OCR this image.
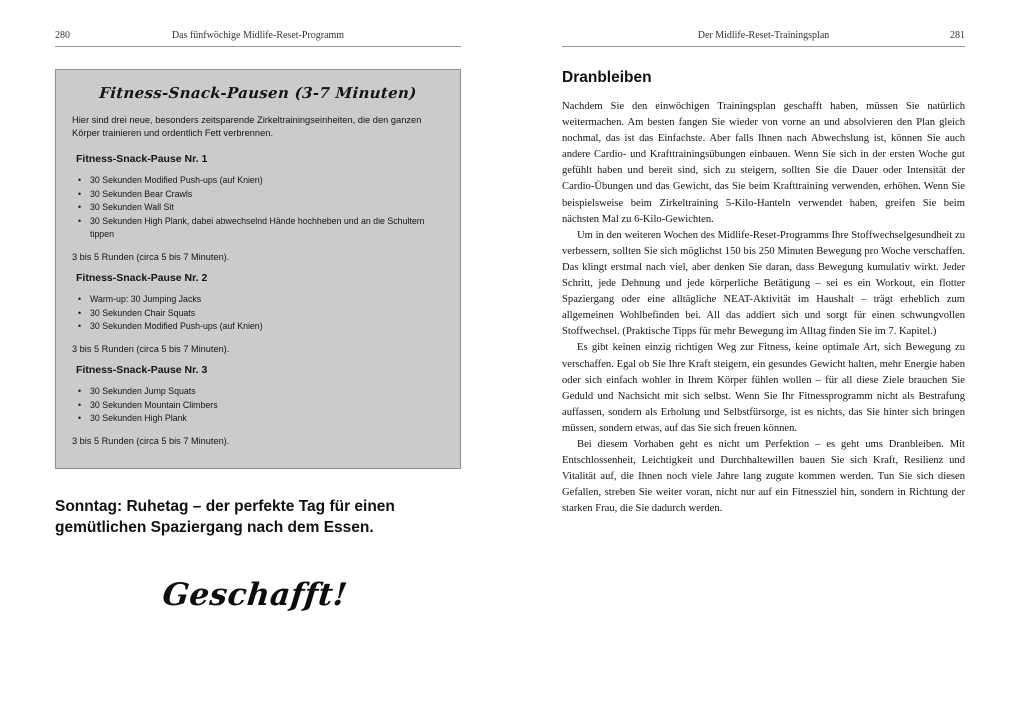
280	Das fünfwöchige Midlife-Reset-Programm
Fitness-Snack-Pausen (3-7 Minuten)
Hier sind drei neue, besonders zeitsparende Zirkeltrainingseinheiten, die den ganzen Körper trainieren und ordentlich Fett verbrennen.
Fitness-Snack-Pause Nr. 1
• 30 Sekunden Modified Push-ups (auf Knien)
• 30 Sekunden Bear Crawls
• 30 Sekunden Wall Sit
• 30 Sekunden High Plank, dabei abwechselnd Hände hochheben und an die Schultern tippen
3 bis 5 Runden (circa 5 bis 7 Minuten).
Fitness-Snack-Pause Nr. 2
• Warm-up: 30 Jumping Jacks
• 30 Sekunden Chair Squats
• 30 Sekunden Modified Push-ups (auf Knien)
3 bis 5 Runden (circa 5 bis 7 Minuten).
Fitness-Snack-Pause Nr. 3
• 30 Sekunden Jump Squats
• 30 Sekunden Mountain Climbers
• 30 Sekunden High Plank
3 bis 5 Runden (circa 5 bis 7 Minuten).
Sonntag: Ruhetag – der perfekte Tag für einen gemütlichen Spaziergang nach dem Essen.
Geschafft!
Der Midlife-Reset-Trainingsplan	281
Dranbleiben

Nachdem Sie den einwöchigen Trainingsplan geschafft haben, müssen Sie natürlich weitermachen. Am besten fangen Sie wieder von vorne an und absolvieren den Plan gleich nochmal, das ist das Einfachste. Aber falls Ihnen nach Abwechslung ist, können Sie auch andere Cardio- und Krafttrainingsübungen einbauen. Wenn Sie sich in der ersten Woche gut gefühlt haben und bereit sind, sich zu steigern, sollten Sie die Dauer oder Intensität der Cardio-Übungen und das Gewicht, das Sie beim Krafttraining verwenden, erhöhen. Wenn Sie beispielsweise beim Zirkeltraining 5-Kilo-Hanteln verwendet haben, greifen Sie beim nächsten Mal zu 6-Kilo-Gewichten.

Um in den weiteren Wochen des Midlife-Reset-Programms Ihre Stoffwechselgesundheit zu verbessern, sollten Sie sich möglichst 150 bis 250 Minuten Bewegung pro Woche verschaffen. Das klingt erstmal nach viel, aber denken Sie daran, dass Bewegung kumulativ wirkt. Jeder Schritt, jede Dehnung und jede körperliche Betätigung – sei es ein Workout, ein flotter Spaziergang oder eine alltägliche NEAT-Aktivität im Haushalt – trägt erheblich zum allgemeinen Wohlbefinden bei. All das addiert sich und sorgt für einen schwungvollen Stoffwechsel. (Praktische Tipps für mehr Bewegung im Alltag finden Sie im 7. Kapitel.)

Es gibt keinen einzig richtigen Weg zur Fitness, keine optimale Art, sich Bewegung zu verschaffen. Egal ob Sie Ihre Kraft steigern, ein gesundes Gewicht halten, mehr Energie haben oder sich einfach wohler in Ihrem Körper fühlen wollen – für all diese Ziele brauchen Sie Geduld und Nachsicht mit sich selbst. Wenn Sie Ihr Fitnessprogramm nicht als Bestrafung auffassen, sondern als Erholung und Selbstfürsorge, ist es nichts, das Sie hinter sich bringen müssen, sondern etwas, auf das Sie sich freuen können.

Bei diesem Vorhaben geht es nicht um Perfektion – es geht ums Dranbleiben. Mit Entschlossenheit, Leichtigkeit und Durchhaltewillen bauen Sie sich Kraft, Resilienz und Vitalität auf, die Ihnen noch viele Jahre lang zugute kommen werden. Tun Sie sich diesen Gefallen, streben Sie weiter voran, nicht nur auf ein Fitnessziel hin, sondern in Richtung der starken Frau, die Sie dadurch werden.
